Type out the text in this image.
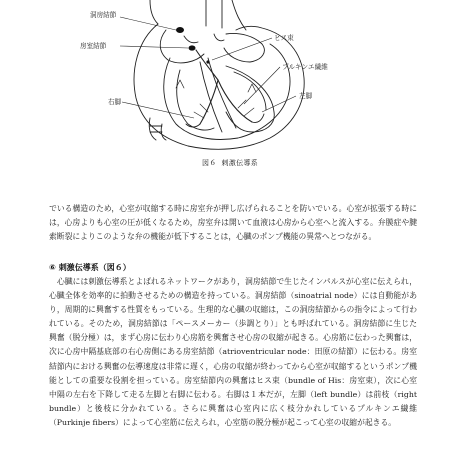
洞房結節
房室結節
ヒス束
プルキンエ繊維
右脚
左脚
図６ 刺激伝導系

でいる構造のため，心室が収縮する時に房室弁が押し広げられることを防いでいる。心室が拡張する時には，心房よりも心室の圧が低くなるため，房室弁は開いて血液は心房から心室へと流入する。弁膜症や腱索断裂によりこのような弁の機能が低下することは，心臓のポンプ機能の異常へとつながる。

⑥ 刺激伝導系（図６）

心臓には刺激伝導系とよばれるネットワークがあり，洞房結節で生じたインパルスが心室に伝えられ，心臓全体を効率的に拍動させるための構造を持っている。洞房結節（sinoatrial node）には自動能があり，周期的に興奮する性質をもっている。生理的な心臓の収縮は，この洞房結節からの指令によって行われている。そのため，洞房結節は「ペースメーカー（歩調とり）」とも呼ばれている。洞房結節に生じた興奮（脱分極）は，まず心房に伝わり心房筋を興奮させ心房の収縮が起きる。心房筋に伝わった興奮は，次に心房中隔基底部の右心房側にある房室結節（atrioventricular node：田原の結節）に伝わる。房室結節内における興奮の伝導速度は非常に遅く，心房の収縮が終わってから心室が収縮するというポンプ機能としての重要な役割を担っている。房室結節内の興奮はヒス束（bundle of His：房室束），次に心室中隔の左右を下降して走る左脚と右脚に伝わる。右脚は１本だが，左脚（left bundle）は前枝（right bundle）と後枝に分かれている。さらに興奮は心室内に広く枝分かれしているプルキンエ繊維（Purkinje fibers）によって心室筋に伝えられ，心室筋の脱分極が起こって心室の収縮が起きる。
